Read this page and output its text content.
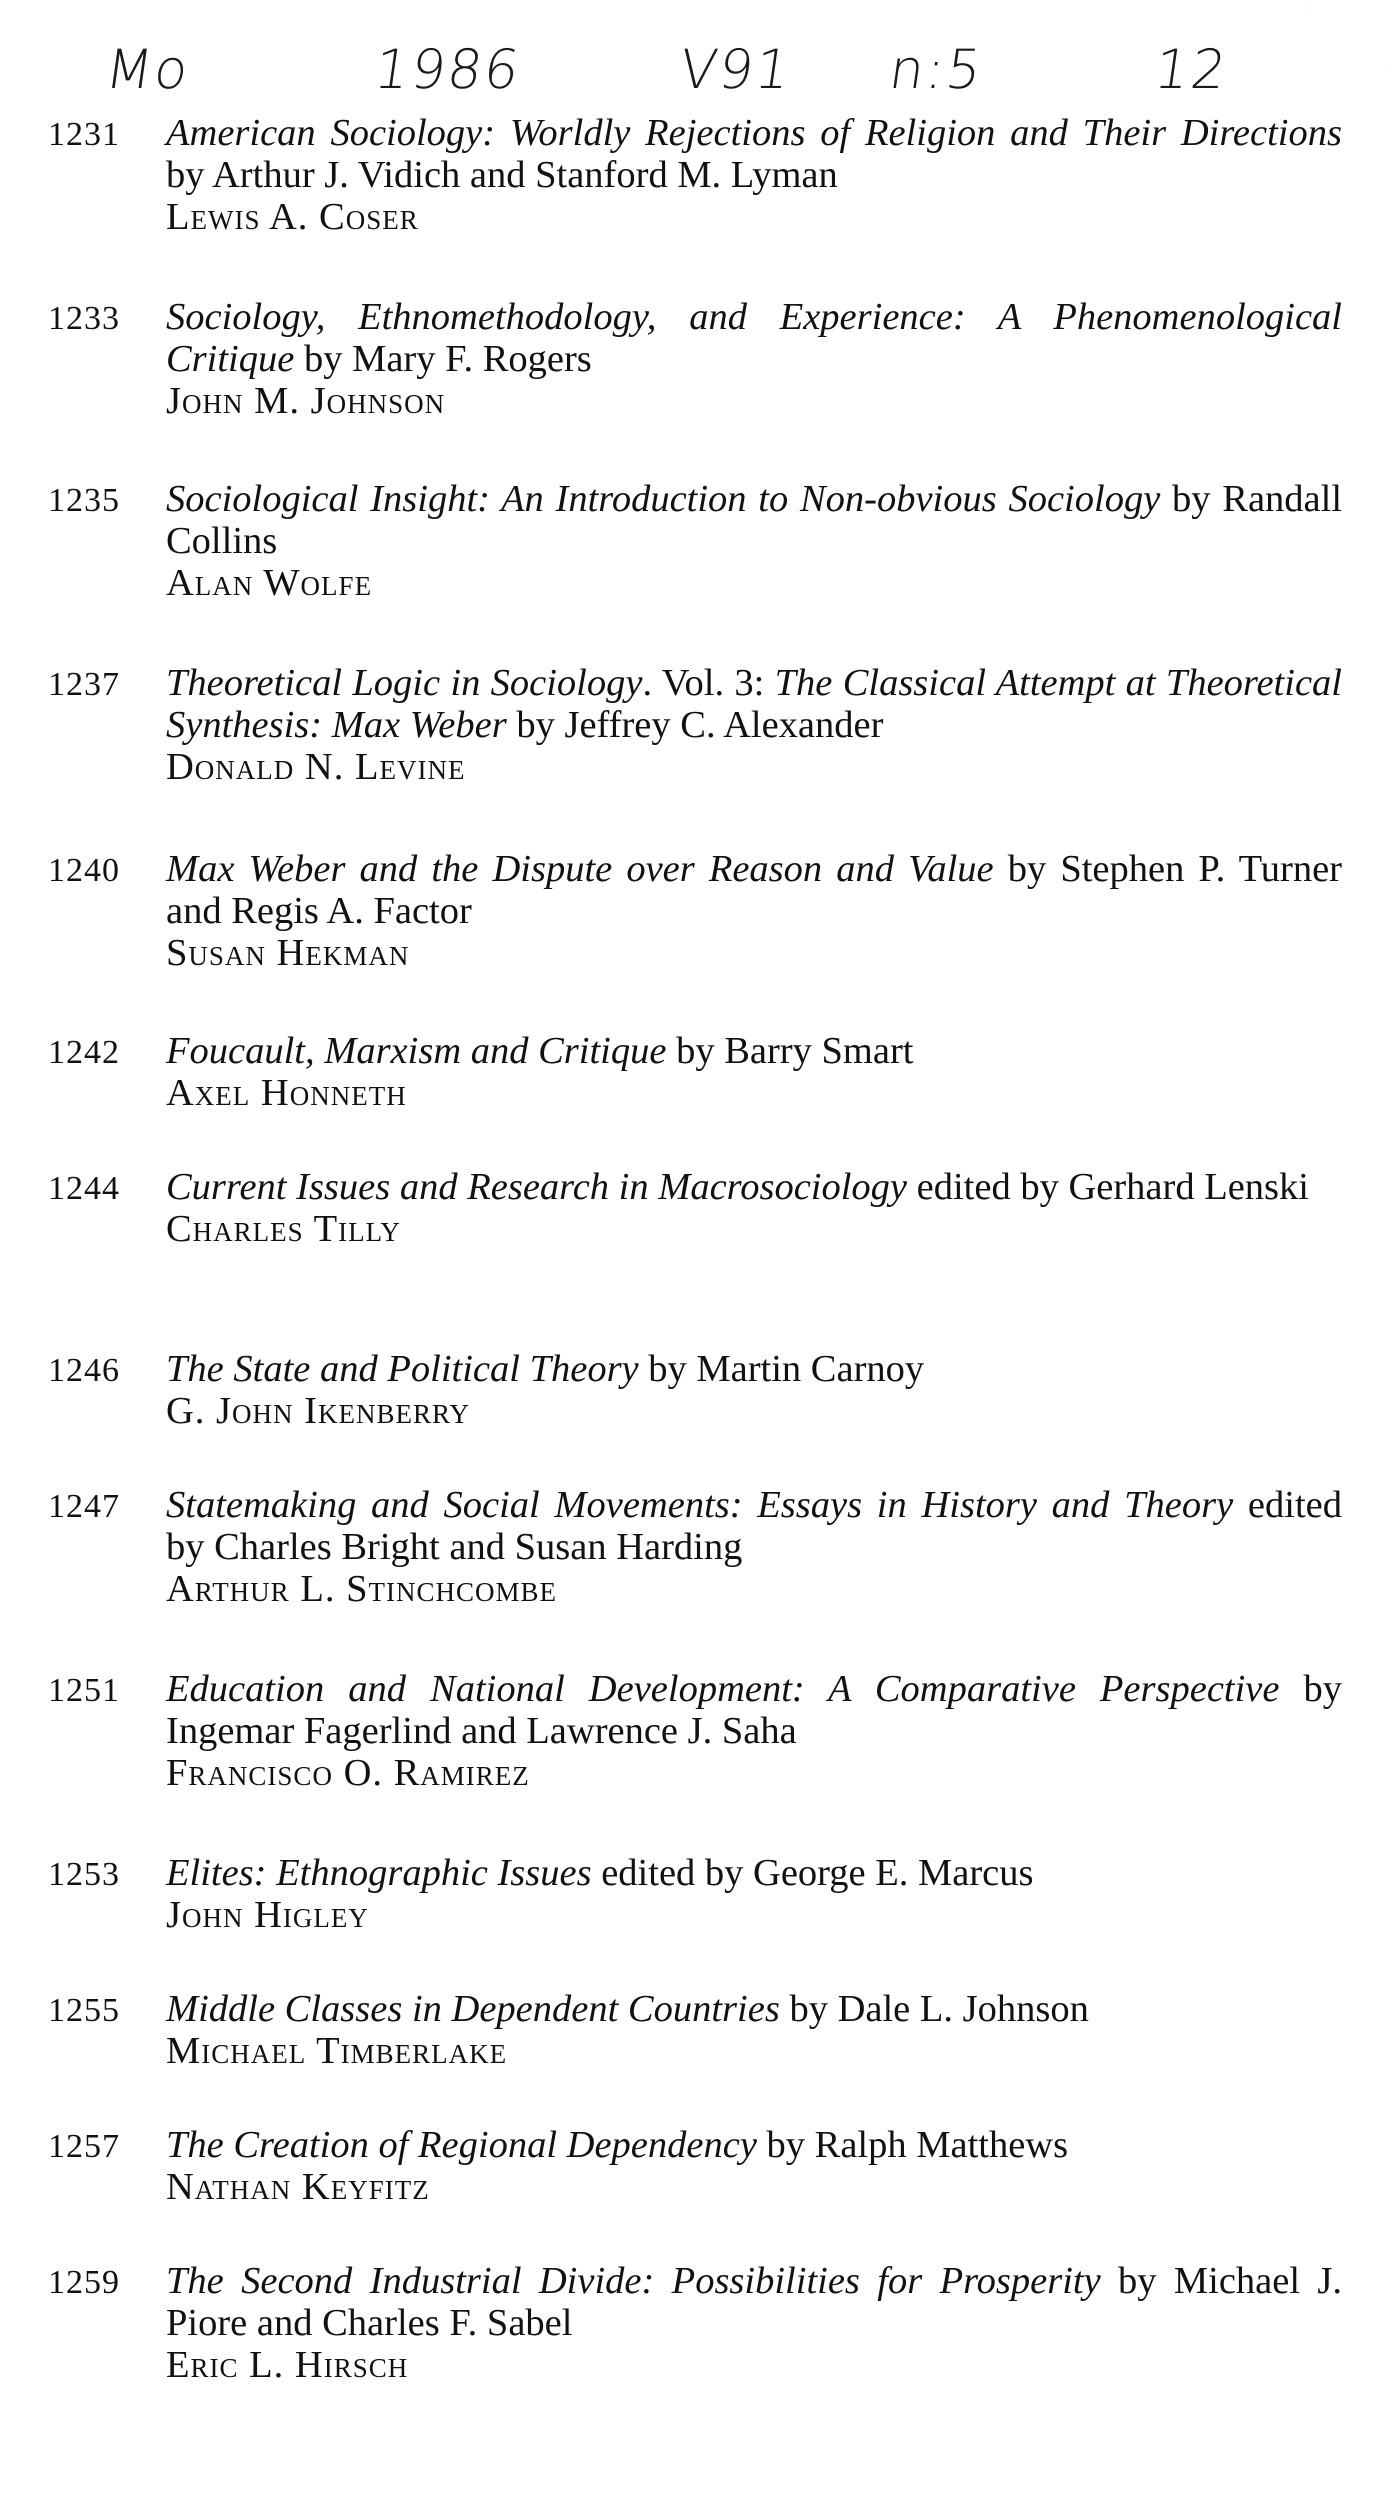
Mo	1986	V91 n:5	12
1231 American Sociology: Worldly Rejections of Religion and Their Directions by Arthur J. Vidich and Stanford M. Lyman
Lewis A. Coser
1233 Sociology, Ethnomethodology, and Experience: A Phenomenological Critique by Mary F. Rogers
John M. Johnson
1235 Sociological Insight: An Introduction to Non-obvious Sociology by Randall Collins
Alan Wolfe
1237 Theoretical Logic in Sociology. Vol. 3: The Classical Attempt at Theoretical Synthesis: Max Weber by Jeffrey C. Alexander
Donald N. Levine
1240 Max Weber and the Dispute over Reason and Value by Stephen P. Turner and Regis A. Factor
Susan Hekman
1242 Foucault, Marxism and Critique by Barry Smart
Axel Honneth
1244 Current Issues and Research in Macrosociology edited by Gerhard Lenski
Charles Tilly
1246 The State and Political Theory by Martin Carnoy
G. John Ikenberry
1247 Statemaking and Social Movements: Essays in History and Theory edited by Charles Bright and Susan Harding
Arthur L. Stinchcombe
1251 Education and National Development: A Comparative Perspective by Ingemar Fagerlind and Lawrence J. Saha
Francisco O. Ramirez
1253 Elites: Ethnographic Issues edited by George E. Marcus
John Higley
1255 Middle Classes in Dependent Countries by Dale L. Johnson
Michael Timberlake
1257 The Creation of Regional Dependency by Ralph Matthews
Nathan Keyfitz
1259 The Second Industrial Divide: Possibilities for Prosperity by Michael J. Piore and Charles F. Sabel
Eric L. Hirsch
